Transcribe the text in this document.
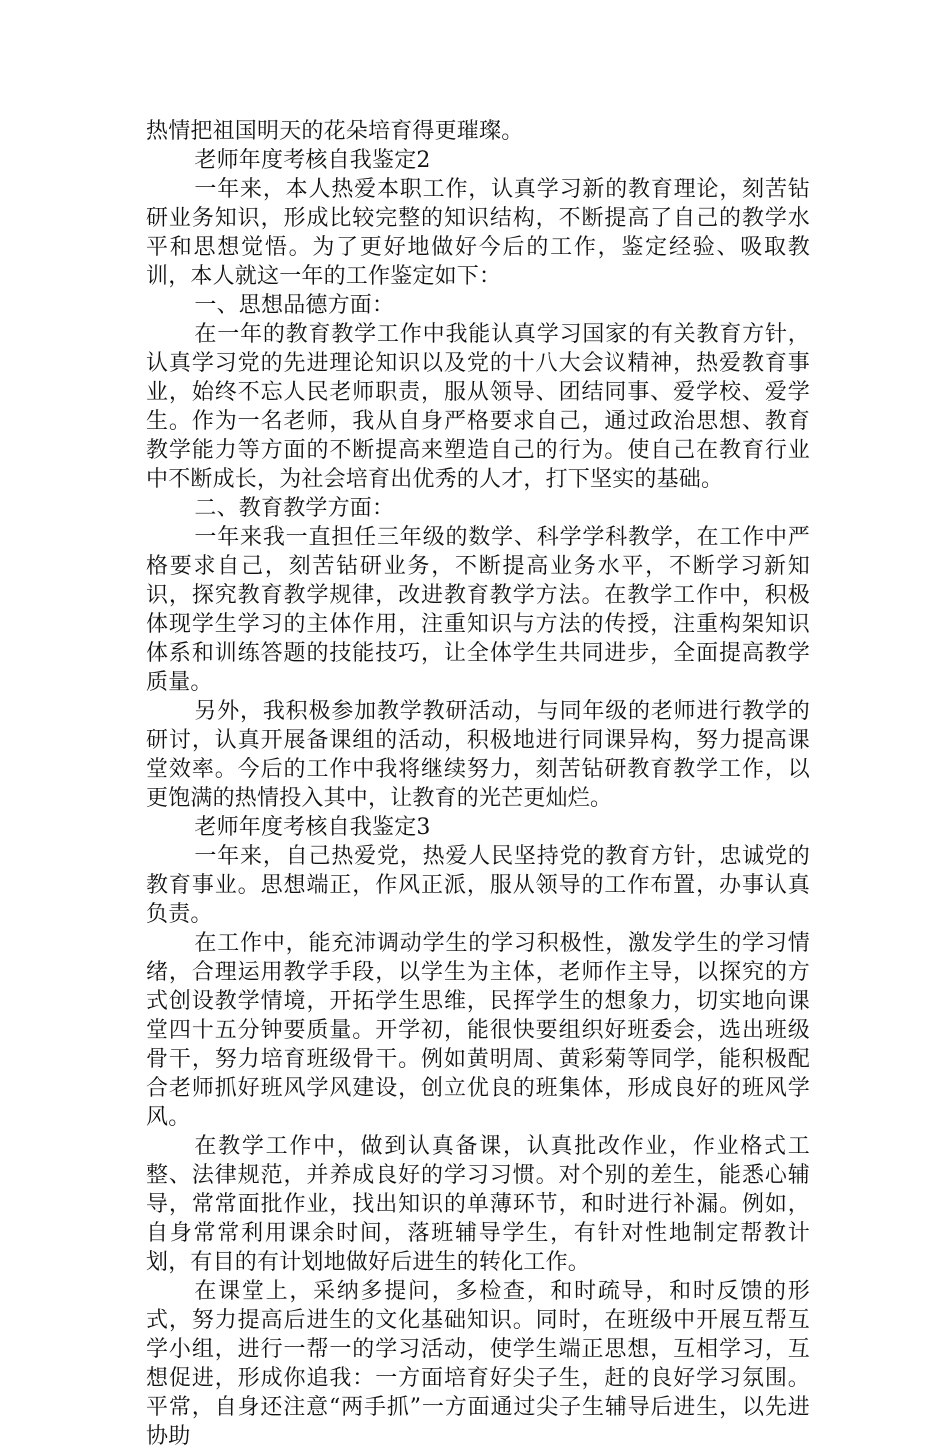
热情把祖国明天的花朵培育得更璀璨。

老师年度考核自我鉴定2

一年来，本人热爱本职工作，认真学习新的教育理论，刻苦钻研业务知识，形成比较完整的知识结构，不断提高了自己的教学水平和思想觉悟。为了更好地做好今后的工作，鉴定经验、吸取教训，本人就这一年的工作鉴定如下：

一、思想品德方面：

在一年的教育教学工作中我能认真学习国家的有关教育方针，认真学习党的先进理论知识以及党的十八大会议精神，热爱教育事业，始终不忘人民老师职责，服从领导、团结同事、爱学校、爱学生。作为一名老师，我从自身严格要求自己，通过政治思想、教育教学能力等方面的不断提高来塑造自己的行为。使自己在教育行业中不断成长，为社会培育出优秀的人才，打下坚实的基础。

二、教育教学方面：

一年来我一直担任三年级的数学、科学学科教学，在工作中严格要求自己，刻苦钻研业务，不断提高业务水平，不断学习新知识，探究教育教学规律，改进教育教学方法。在教学工作中，积极体现学生学习的主体作用，注重知识与方法的传授，注重构架知识体系和训练答题的技能技巧，让全体学生共同进步，全面提高教学质量。

另外，我积极参加教学教研活动，与同年级的老师进行教学的研讨，认真开展备课组的活动，积极地进行同课异构，努力提高课堂效率。今后的工作中我将继续努力，刻苦钻研教育教学工作，以更饱满的热情投入其中，让教育的光芒更灿烂。

老师年度考核自我鉴定3

一年来，自己热爱党，热爱人民坚持党的教育方针，忠诚党的教育事业。思想端正，作风正派，服从领导的工作布置，办事认真负责。

在工作中，能充沛调动学生的学习积极性，激发学生的学习情绪，合理运用教学手段，以学生为主体，老师作主导，以探究的方式创设教学情境，开拓学生思维，民挥学生的想象力，切实地向课堂四十五分钟要质量。开学初，能很快要组织好班委会，选出班级骨干，努力培育班级骨干。例如黄明周、黄彩菊等同学，能积极配合老师抓好班风学风建设，创立优良的班集体，形成良好的班风学风。

在教学工作中，做到认真备课，认真批改作业，作业格式工整、法律规范，并养成良好的学习习惯。对个别的差生，能悉心辅导，常常面批作业，找出知识的单薄环节，和时进行补漏。例如，自身常常利用课余时间，落班辅导学生，有针对性地制定帮教计划，有目的有计划地做好后进生的转化工作。

在课堂上，采纳多提问，多检查，和时疏导，和时反馈的形式，努力提高后进生的文化基础知识。同时，在班级中开展互帮互学小组，进行一帮一的学习活动，使学生端正思想，互相学习，互想促进，形成你追我：一方面培育好尖子生，赶的良好学习氛围。平常，自身还注意“两手抓”一方面通过尖子生辅导后进生，以先进协助
